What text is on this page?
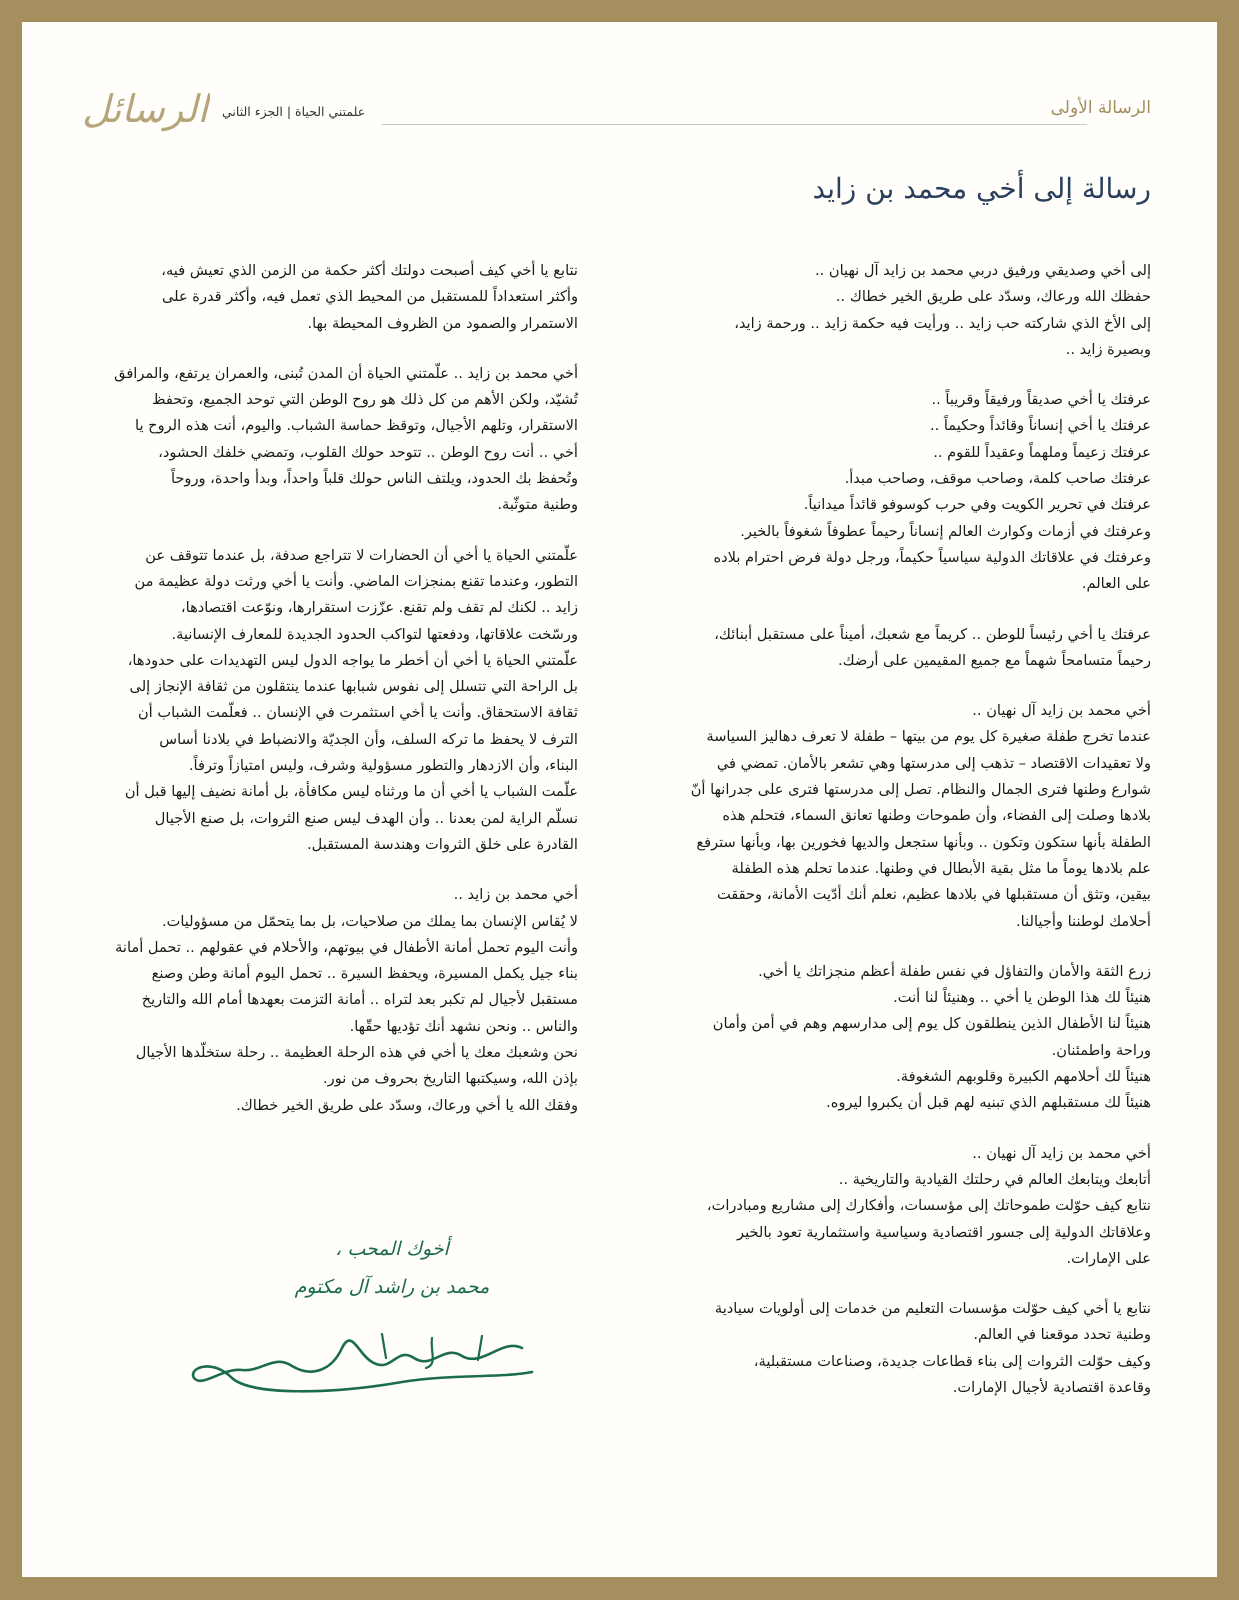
الرسائل	علمتني الحياة | الجزء الثاني	الرسالة الأولى
رسالة إلى أخي محمد بن زايد
إلى أخي وصديقي ورفيق دربي محمد بن زايد آل نهيان ..
حفظك الله ورعاك، وسدّد على طريق الخير خطاك ..
إلى الأخ الذي شاركته حب زايد .. ورأيت فيه حكمة زايد .. ورحمة زايد،
وبصيرة زايد ..
عرفتك يا أخي صديقاً ورفيقاً وقريباً ..
عرفتك يا أخي إنساناً وقائداً وحكيماً ..
عرفتك زعيماً وملهماً وعقيداً للقوم ..
عرفتك صاحب كلمة، وصاحب موقف، وصاحب مبدأ.
عرفتك في تحرير الكويت وفي حرب كوسوفو قائداً ميدانياً.
وعرفتك في أزمات وكوارث العالم إنساناً رحيماً عطوفاً شغوفاً بالخير.
وعرفتك في علاقاتك الدولية سياسياً حكيماً، ورجل دولة فرض احترام بلاده
على العالم.
عرفتك يا أخي رئيساً للوطن .. كريماً مع شعبك، أميناً على مستقبل أبنائك،
رحيماً متسامحاً شهماً مع جميع المقيمين على أرضك.
أخي محمد بن زايد آل نهيان ..
عندما تخرج طفلة صغيرة كل يوم من بيتها – طفلة لا تعرف دهاليز السياسة
ولا تعقيدات الاقتصاد – تذهب إلى مدرستها وهي تشعر بالأمان. تمضي في
شوارع وطنها فترى الجمال والنظام. تصل إلى مدرستها فترى على جدرانها أنّ
بلادها وصلت إلى الفضاء، وأن طموحات وطنها تعانق السماء، فتحلم هذه
الطفلة بأنها ستكون وتكون .. وبأنها ستجعل والديها فخورين بها، وبأنها سترفع
علم بلادها يوماً ما مثل بقية الأبطال في وطنها. عندما تحلم هذه الطفلة
بيقين، وتثق أن مستقبلها في بلادها عظيم، نعلم أنك أدّيت الأمانة، وحققت
أحلامك لوطننا وأجيالنا.
زرع الثقة والأمان والتفاؤل في نفس طفلة أعظم منجزاتك يا أخي.
هنيئاً لك هذا الوطن يا أخي .. وهنيئاً لنا أنت.
هنيئاً لنا الأطفال الذين ينطلقون كل يوم إلى مدارسهم وهم في أمن وأمان
وراحة واطمئنان.
هنيئاً لك أحلامهم الكبيرة وقلوبهم الشغوفة.
هنيئاً لك مستقبلهم الذي تبنيه لهم قبل أن يكبروا ليروه.
أخي محمد بن زايد آل نهيان ..
أتابعك ويتابعك العالم في رحلتك القيادية والتاريخية ..
نتابع كيف حوّلت طموحاتك إلى مؤسسات، وأفكارك إلى مشاريع ومبادرات،
وعلاقاتك الدولية إلى جسور اقتصادية وسياسية واستثمارية تعود بالخير
على الإمارات.
نتابع يا أخي كيف حوّلت مؤسسات التعليم من خدمات إلى أولويات سيادية
وطنية تحدد موقعنا في العالم.
وكيف حوّلت الثروات إلى بناء قطاعات جديدة، وصناعات مستقبلية،
وقاعدة اقتصادية لأجيال الإمارات.
نتابع يا أخي كيف أصبحت دولتك أكثر حكمة من الزمن الذي تعيش فيه،
وأكثر استعداداً للمستقبل من المحيط الذي تعمل فيه، وأكثر قدرة على
الاستمرار والصمود من الظروف المحيطة بها.
أخي محمد بن زايد .. علّمتني الحياة أن المدن تُبنى، والعمران يرتفع، والمرافق
تُشيّد، ولكن الأهم من كل ذلك هو روح الوطن التي توحد الجميع، وتحفظ
الاستقرار، وتلهم الأجيال، وتوقظ حماسة الشباب. واليوم، أنت هذه الروح يا
أخي .. أنت روح الوطن .. تتوحد حولك القلوب، وتمضي خلفك الحشود،
وتُحفظ بك الحدود، ويلتف الناس حولك قلباً واحداً، وبدأ واحدة، وروحاً
وطنية متوثّبة.
علّمتني الحياة يا أخي أن الحضارات لا تتراجع صدفة، بل عندما تتوقف عن
التطور، وعندما تقنع بمنجزات الماضي. وأنت يا أخي ورثت دولة عظيمة من
زايد .. لكنك لم تقف ولم تقنع. عزّزت استقرارها، ونوّعت اقتصادها،
ورسّخت علاقاتها، ودفعتها لتواكب الحدود الجديدة للمعارف الإنسانية.
علّمتني الحياة يا أخي أن أخطر ما يواجه الدول ليس التهديدات على حدودها،
بل الراحة التي تتسلل إلى نفوس شبابها عندما ينتقلون من ثقافة الإنجاز إلى
ثقافة الاستحقاق. وأنت يا أخي استثمرت في الإنسان .. فعلّمت الشباب أن
الترف لا يحفظ ما تركه السلف، وأن الجديّة والانضباط في بلادنا أساس
البناء، وأن الازدهار والتطور مسؤولية وشرف، وليس امتيازاً وترفاً.
علّمت الشباب يا أخي أن ما ورثناه ليس مكافأة، بل أمانة نضيف إليها قبل أن
نسلّم الراية لمن بعدنا .. وأن الهدف ليس صنع الثروات، بل صنع الأجيال
القادرة على خلق الثروات وهندسة المستقبل.
أخي محمد بن زايد ..
لا يُقاس الإنسان بما يملك من صلاحيات، بل بما يتحمّل من مسؤوليات.
وأنت اليوم تحمل أمانة الأطفال في بيوتهم، والأحلام في عقولهم .. تحمل أمانة
بناء جيل يكمل المسيرة، ويحفظ السيرة .. تحمل اليوم أمانة وطن وصنع
مستقبل لأجيال لم تكبر بعد لتراه .. أمانة التزمت بعهدها أمام الله والتاريخ
والناس .. ونحن نشهد أنك تؤديها حقّها.
نحن وشعبك معك يا أخي في هذه الرحلة العظيمة .. رحلة ستخلّدها الأجيال
بإذن الله، وسيكتبها التاريخ بحروف من نور.
وفقك الله يا أخي ورعاك، وسدّد على طريق الخير خطاك.
أخوك المحب ،
محمد بن راشد آل مكتوم
